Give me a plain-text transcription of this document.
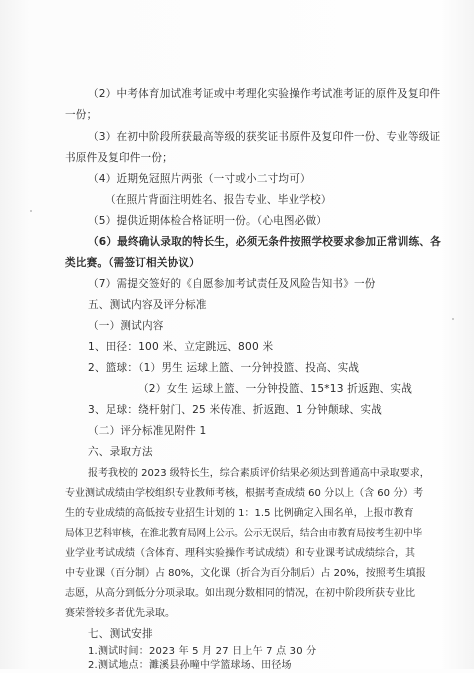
（2）中考体育加试准考证或中考理化实验操作考试准考证的原件及复印件
一份；
（3）在初中阶段所获最高等级的获奖证书原件及复印件一份、专业等级证
书原件及复印件一份；
（4）近期免冠照片两张（一寸或小二寸均可）
（在照片背面注明姓名、报告专业、毕业学校）
（5）提供近期体检合格证明一份。（心电图必做）
（6）最终确认录取的特长生，必须无条件按照学校要求参加正常训练、各
类比赛。（需签订相关协议）
（7）需提交签好的《自愿参加考试责任及风险告知书》一份
五、测试内容及评分标准
（一）测试内容
1、田径：100 米、立定跳远、800 米
2、篮球：（1）男生 运球上篮、一分钟投篮、投高、实战
（2）女生 运球上篮、一分钟投篮、15*13 折返跑、实战
3、足球：绕杆射门、25 米传准、折返跑、1 分钟颠球、实战
（二）评分标准见附件 1
六、录取方法
报考我校的 2023 级特长生，综合素质评价结果必须达到普通高中录取要求，
专业测试成绩由学校组织专业教师考核，根据考查成绩 60 分以上（含 60 分）考
生的专业成绩的高低按专业招生计划的 1：1.5 比例确定入围名单，上报市教育
局体卫艺科审核，在淮北教育局网上公示。公示无误后，结合由市教育局按考生初中毕
业学业考试成绩（含体育、理科实验操作考试成绩）和专业课考试成绩综合，其
中专业课（百分制）占 80%，文化课（折合为百分制后）占 20%，按照考生填报
志愿，从高分到低分分项录取。如出现分数相同的情况，在初中阶段所获专业比
赛荣誉较多者优先录取。
七、测试安排
1.测试时间：2023 年 5 月 27 日上午 7 点 30 分
2.测试地点：濉溪县孙疃中学篮球场、田径场
